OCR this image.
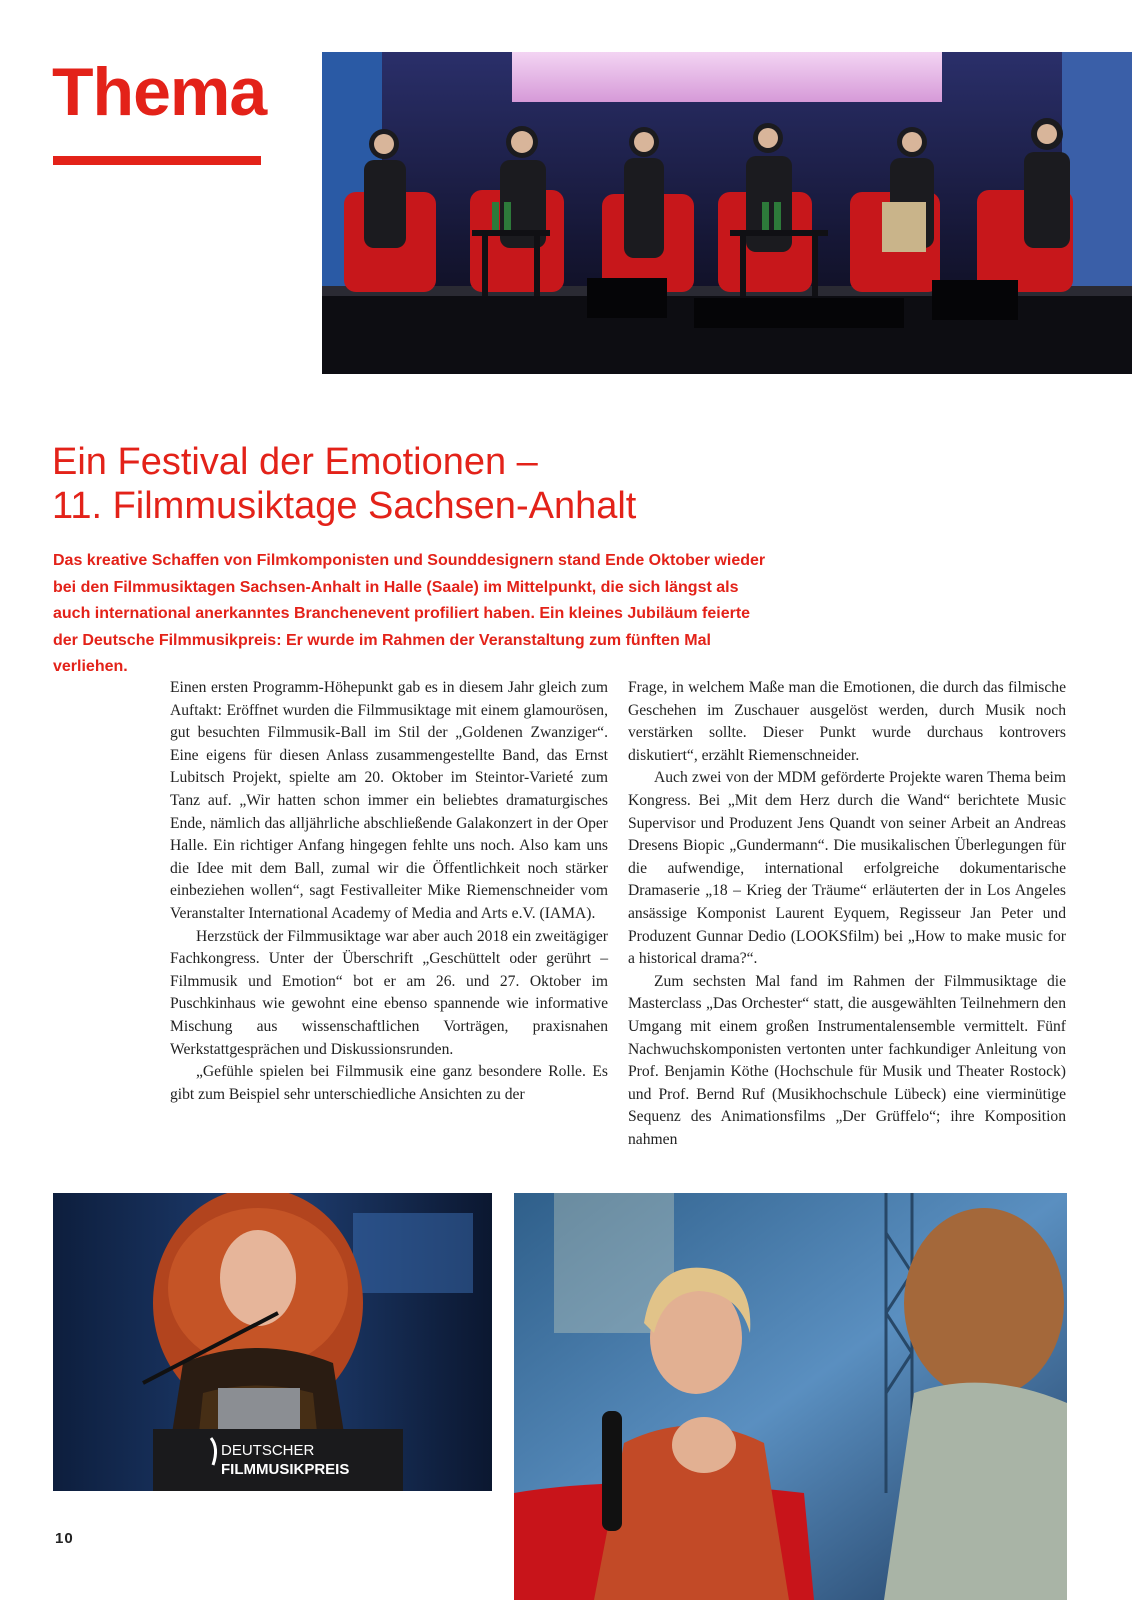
Thema
Ein Festival der Emotionen –
11. Filmmusiktage Sachsen-Anhalt

Das kreative Schaffen von Filmkomponisten und Sounddesignern stand Ende Oktober wieder bei den Filmmusiktagen Sachsen-Anhalt in Halle (Saale) im Mittelpunkt, die sich längst als auch international anerkanntes Branchenevent profiliert haben. Ein kleines Jubiläum feierte der Deutsche Filmmusikpreis: Er wurde im Rahmen der Veranstaltung zum fünften Mal verliehen.

Einen ersten Programm-Höhepunkt gab es in diesem Jahr gleich zum Auftakt: Eröffnet wurden die Filmmusiktage mit einem glamourösen, gut besuchten Filmmusik-Ball im Stil der „Goldenen Zwanziger“. Eine eigens für diesen Anlass zusammengestellte Band, das Ernst Lubitsch Projekt, spielte am 20. Oktober im Steintor-Varieté zum Tanz auf. „Wir hatten schon immer ein beliebtes dramaturgisches Ende, nämlich das alljährliche abschließende Galakonzert in der Oper Halle. Ein richtiger Anfang hingegen fehlte uns noch. Also kam uns die Idee mit dem Ball, zumal wir die Öffentlichkeit noch stärker einbeziehen wollen“, sagt Festivalleiter Mike Riemenschneider vom Veranstalter International Academy of Media and Arts e.V. (IAMA).

Herzstück der Filmmusiktage war aber auch 2018 ein zweitägiger Fachkongress. Unter der Überschrift „Geschüttelt oder gerührt – Filmmusik und Emotion“ bot er am 26. und 27. Oktober im Puschkinhaus wie gewohnt eine ebenso spannende wie informative Mischung aus wissenschaftlichen Vorträgen, praxisnahen Werkstattgesprächen und Diskussionsrunden.

„Gefühle spielen bei Filmmusik eine ganz besondere Rolle. Es gibt zum Beispiel sehr unterschiedliche Ansichten zu der

Frage, in welchem Maße man die Emotionen, die durch das filmische Geschehen im Zuschauer ausgelöst werden, durch Musik noch verstärken sollte. Dieser Punkt wurde durchaus kontrovers diskutiert“, erzählt Riemenschneider.

Auch zwei von der MDM geförderte Projekte waren Thema beim Kongress. Bei „Mit dem Herz durch die Wand“ berichtete Music Supervisor und Produzent Jens Quandt von seiner Arbeit an Andreas Dresens Biopic „Gundermann“. Die musikalischen Überlegungen für die aufwendige, international erfolgreiche dokumentarische Dramaserie „18 – Krieg der Träume“ erläuterten der in Los Angeles ansässige Komponist Laurent Eyquem, Regisseur Jan Peter und Produzent Gunnar Dedio (LOOKSfilm) bei „How to make music for a historical drama?“.

Zum sechsten Mal fand im Rahmen der Filmmusiktage die Masterclass „Das Orchester“ statt, die ausgewählten Teilnehmern den Umgang mit einem großen Instrumentalensemble vermittelt. Fünf Nachwuchskomponisten vertonten unter fachkundiger Anleitung von Prof. Benjamin Köthe (Hochschule für Musik und Theater Rostock) und Prof. Bernd Ruf (Musikhochschule Lübeck) eine vierminütige Sequenz des Animationsfilms „Der Grüffelo“; ihre Komposition nahmen

DEUTSCHER
FILMMUSIKPREIS
10
